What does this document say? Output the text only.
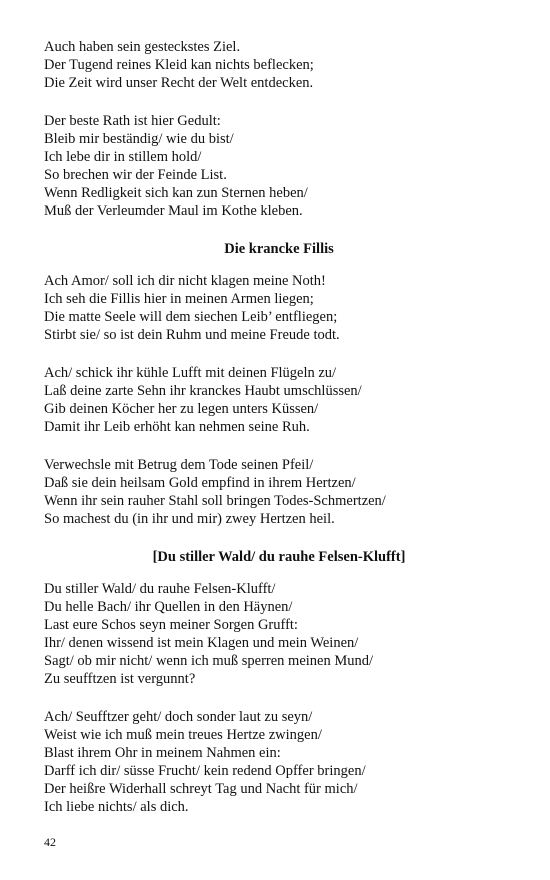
Auch haben sein gesteckstes Ziel.
Der Tugend reines Kleid kan nichts beflecken;
Die Zeit wird unser Recht der Welt entdecken.
Der beste Rath ist hier Gedult:
Bleib mir beständig/ wie du bist/
Ich lebe dir in stillem hold/
So brechen wir der Feinde List.
Wenn Redligkeit sich kan zun Sternen heben/
Muß der Verleumder Maul im Kothe kleben.
Die krancke Fillis
Ach Amor/ soll ich dir nicht klagen meine Noth!
Ich seh die Fillis hier in meinen Armen liegen;
Die matte Seele will dem siechen Leib’ entfliegen;
Stirbt sie/ so ist dein Ruhm und meine Freude todt.
Ach/ schick ihr kühle Lufft mit deinen Flügeln zu/
Laß deine zarte Sehn ihr kranckes Haubt umschlüssen/
Gib deinen Köcher her zu legen unters Küssen/
Damit ihr Leib erhöht kan nehmen seine Ruh.
Verwechsle mit Betrug dem Tode seinen Pfeil/
Daß sie dein heilsam Gold empfind in ihrem Hertzen/
Wenn ihr sein rauher Stahl soll bringen Todes-Schmertzen/
So machest du (in ihr und mir) zwey Hertzen heil.
[Du stiller Wald/ du rauhe Felsen-Klufft]
Du stiller Wald/ du rauhe Felsen-Klufft/
Du helle Bach/ ihr Quellen in den Häynen/
Last eure Schos seyn meiner Sorgen Grufft:
Ihr/ denen wissend ist mein Klagen und mein Weinen/
Sagt/ ob mir nicht/ wenn ich muß sperren meinen Mund/
Zu seufftzen ist vergunnt?
Ach/ Seufftzer geht/ doch sonder laut zu seyn/
Weist wie ich muß mein treues Hertze zwingen/
Blast ihrem Ohr in meinem Nahmen ein:
Darff ich dir/ süsse Frucht/ kein redend Opffer bringen/
Der heißre Widerhall schreyt Tag und Nacht für mich/
Ich liebe nichts/ als dich.
42
